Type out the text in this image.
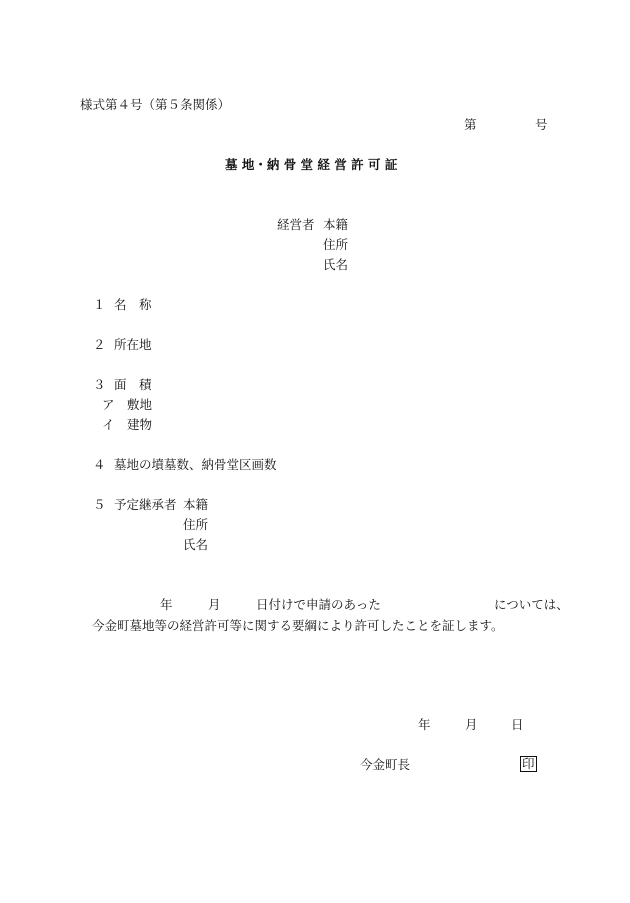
様式第４号（第５条関係）
第	号
墓 地・納 骨 堂 経 営 許 可 証
経営者 本籍
住所
氏名
１ 名　称
２ 所在地
３ 面　積
ア　敷地
イ　建物
４ 墓地の墳墓数、納骨堂区画数
５ 予定継承者 本籍
住所
氏名
年	月	日付けで申請のあった	については、
今金町墓地等の経営許可等に関する要綱により許可したことを証します。
年	月	日
今金町長	印
